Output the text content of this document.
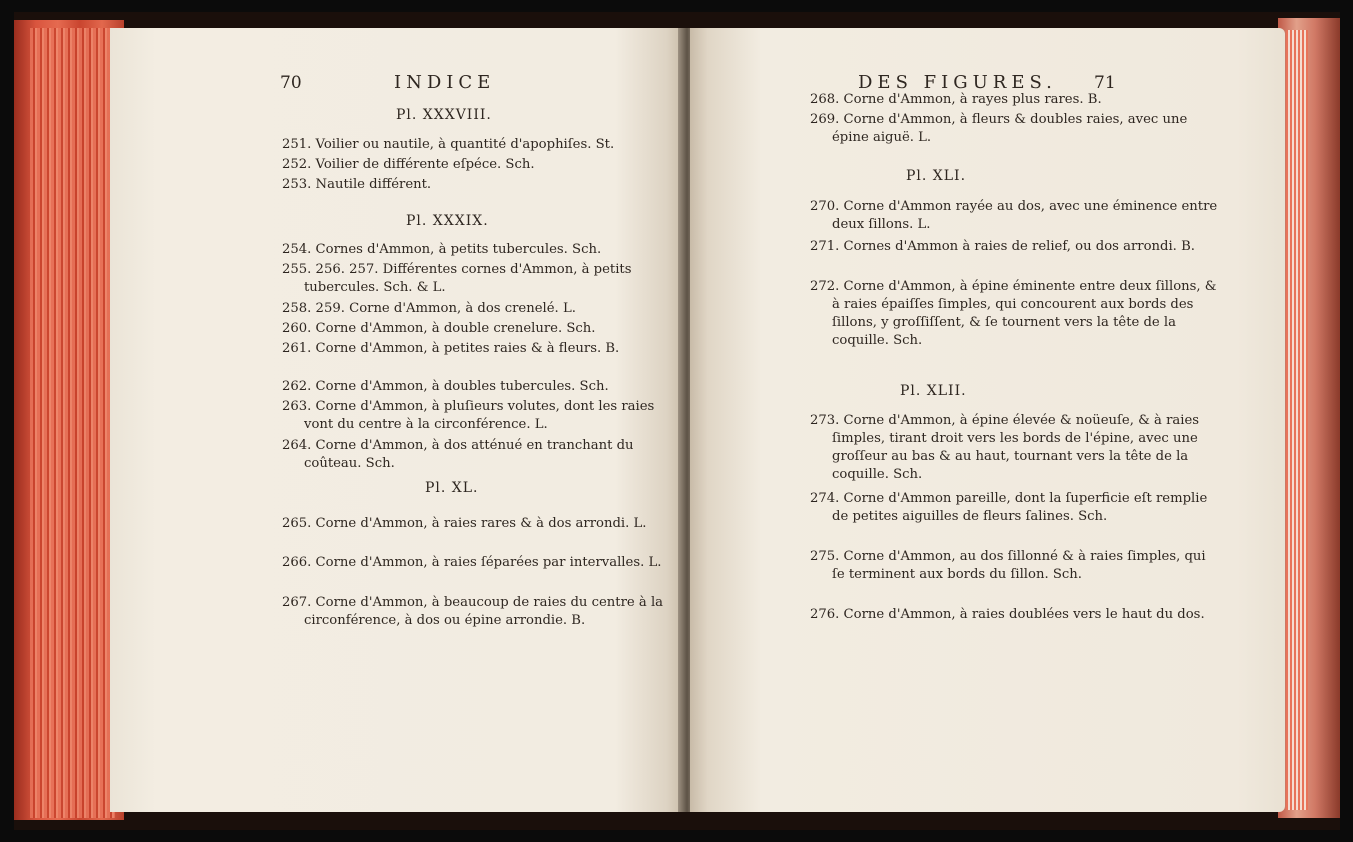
70	INDICE
Pl. XXXVIII.
251. Voilier ou nautile, à quantité d'apophiſes. St.
252. Voilier de différente eſpéce. Sch.
253. Nautile différent.
Pl. XXXIX.
254. Cornes d'Ammon, à petits tubercules. Sch.
255. 256. 257. Différentes cornes d'Ammon, à petits tubercules. Sch. & L.
258. 259. Corne d'Ammon, à dos crenelé. L.
260. Corne d'Ammon, à double crenelure. Sch.
261. Corne d'Ammon, à petites raies & à fleurs. B.
262. Corne d'Ammon, à doubles tubercules. Sch.
263. Corne d'Ammon, à pluſieurs volutes, dont les raies vont du centre à la circonférence. L.
264. Corne d'Ammon, à dos atténué en tranchant du coûteau. Sch.
Pl. XL.
265. Corne d'Ammon, à raies rares & à dos arrondi. L.
266. Corne d'Ammon, à raies ſéparées par intervalles. L.
267. Corne d'Ammon, à beaucoup de raies du centre à la circonférence, à dos ou épine arrondie. B.
DES FIGURES. 71
268. Corne d'Ammon, à rayes plus rares. B.
269. Corne d'Ammon, à fleurs & doubles raies, avec une épine aiguë. L.
Pl. XLI.
270. Corne d'Ammon rayée au dos, avec une éminence entre deux ſillons. L.
271. Cornes d'Ammon à raies de relief, ou dos arrondi. B.
272. Corne d'Ammon, à épine éminente entre deux ſillons, & à raies épaiſſes ſimples, qui concourent aux bords des ſillons, y groſſiſſent, & ſe tournent vers la tête de la coquille. Sch.
Pl. XLII.
273. Corne d'Ammon, à épine élevée & noüeuſe, & à raies ſimples, tirant droit vers les bords de l'épine, avec une groſſeur au bas & au haut, tournant vers la tête de la coquille. Sch.
274. Corne d'Ammon pareille, dont la ſuperficie eſt remplie de petites aiguilles de fleurs ſalines. Sch.
275. Corne d'Ammon, au dos ſillonné & à raies ſimples, qui ſe terminent aux bords du ſillon. Sch.
276. Corne d'Ammon, à raies doublées vers le haut du dos.
